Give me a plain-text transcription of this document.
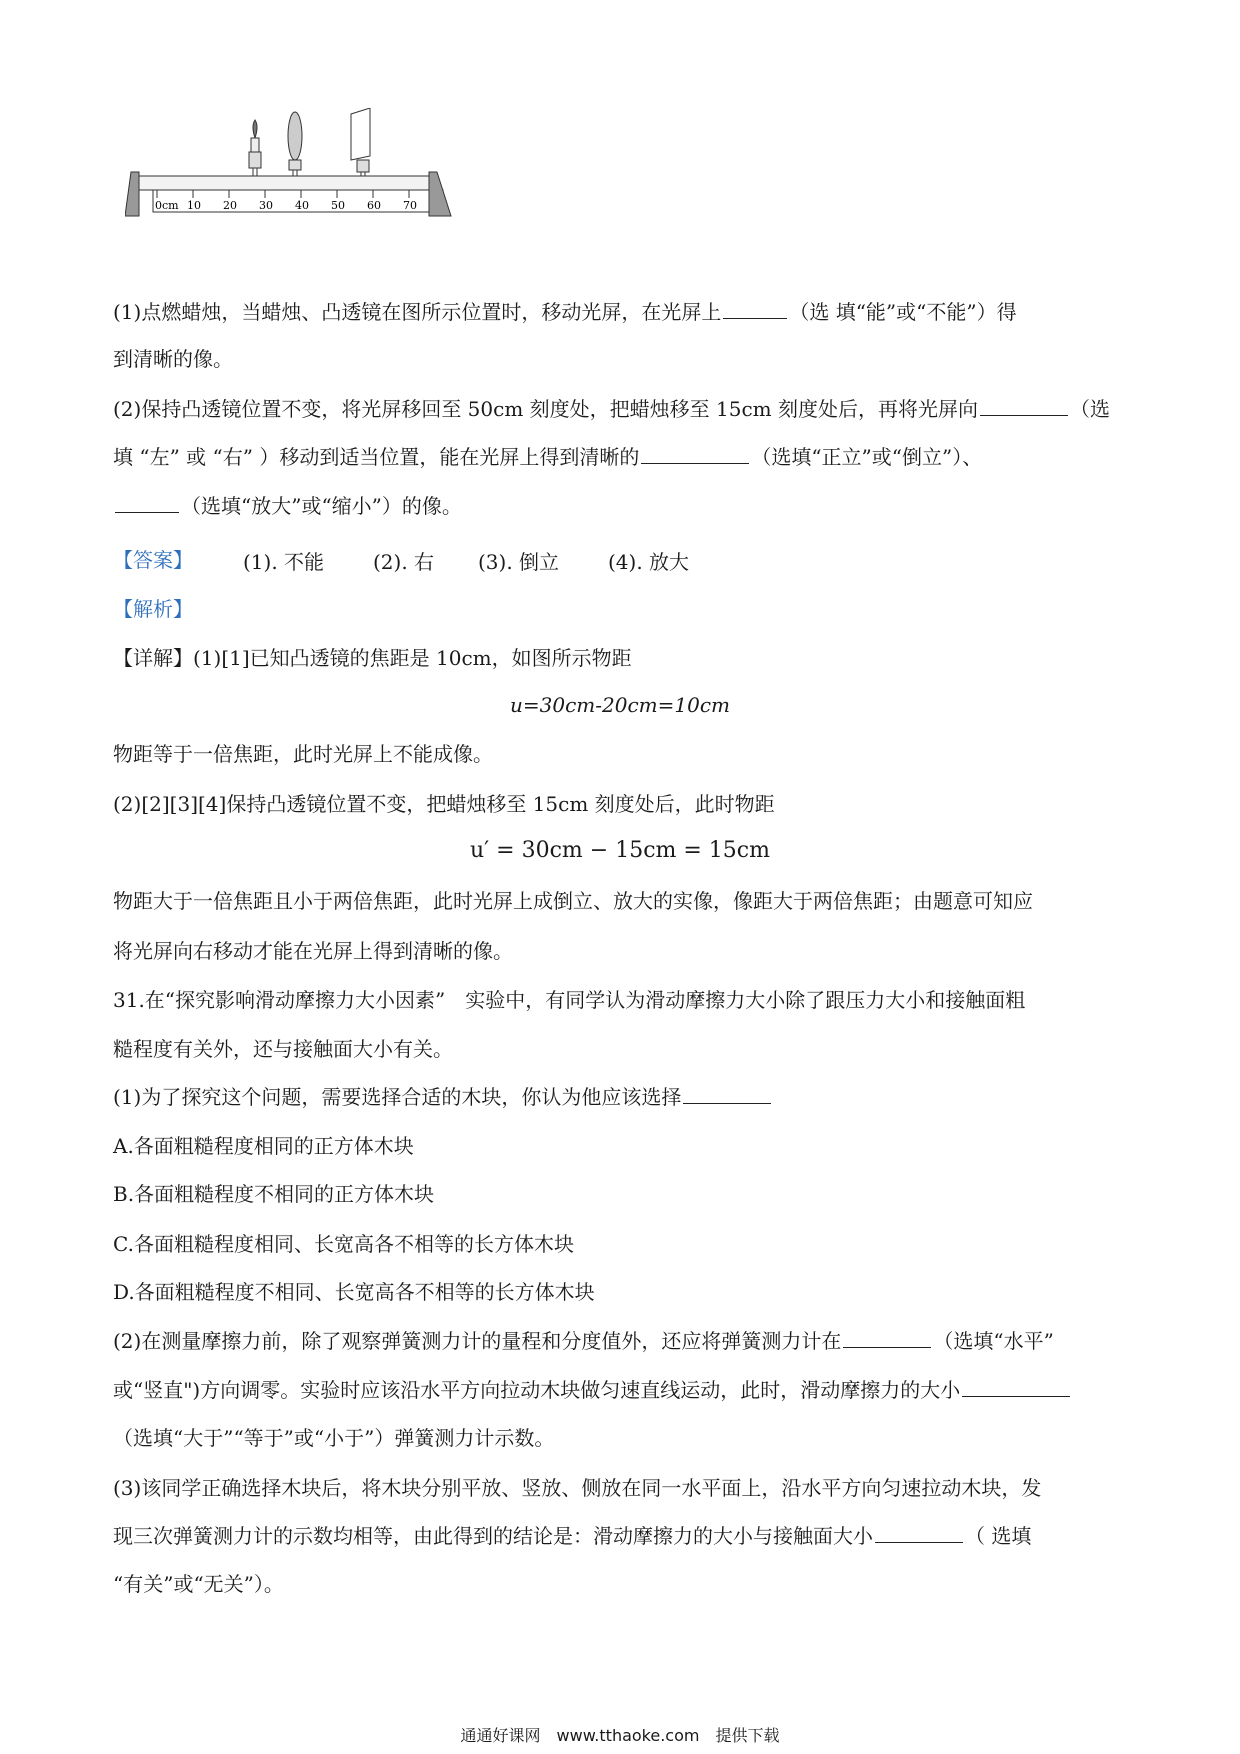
0cm 10 20 30 40 50 60 70
(1)点燃蜡烛，当蜡烛、凸透镜在图所示位置时，移动光屏，在光屏上	（选 填“能”或“不能”）得
到清晰的像。
(2)保持凸透镜位置不变，将光屏移回至 50cm 刻度处，把蜡烛移至 15cm 刻度处后，再将光屏向	（选
填 “左” 或 “右” ）移动到适当位置，能在光屏上得到清晰的	（选填“正立”或“倒立”）、
（选填“放大”或“缩小”）的像。
【答案】	(1). 不能 (2). 右 (3). 倒立 (4). 放大
【解析】
【详解】(1)[1]已知凸透镜的焦距是 10cm，如图所示物距
u=30cm-20cm=10cm
物距等于一倍焦距，此时光屏上不能成像。
(2)[2][3][4]保持凸透镜位置不变，把蜡烛移至 15cm 刻度处后，此时物距
u′ = 30cm − 15cm = 15cm
物距大于一倍焦距且小于两倍焦距，此时光屏上成倒立、放大的实像，像距大于两倍焦距；由题意可知应
将光屏向右移动才能在光屏上得到清晰的像。
31.在“探究影响滑动摩擦力大小因素”　实验中，有同学认为滑动摩擦力大小除了跟压力大小和接触面粗
糙程度有关外，还与接触面大小有关。
(1)为了探究这个问题，需要选择合适的木块，你认为他应该选择
A.各面粗糙程度相同的正方体木块
B.各面粗糙程度不相同的正方体木块
C.各面粗糙程度相同、长宽高各不相等的长方体木块
D.各面粗糙程度不相同、长宽高各不相等的长方体木块
(2)在测量摩擦力前，除了观察弹簧测力计的量程和分度值外，还应将弹簧测力计在	（选填“水平”
或“竖直")方向调零。实验时应该沿水平方向拉动木块做匀速直线运动，此时，滑动摩擦力的大小
（选填“大于”“等于”或“小于”）弹簧测力计示数。
(3)该同学正确选择木块后，将木块分别平放、竖放、侧放在同一水平面上，沿水平方向匀速拉动木块，发
现三次弹簧测力计的示数均相等，由此得到的结论是：滑动摩擦力的大小与接触面大小	（ 选填
“有关”或“无关”）。
通通好课网　www.tthaoke.com　提供下载
